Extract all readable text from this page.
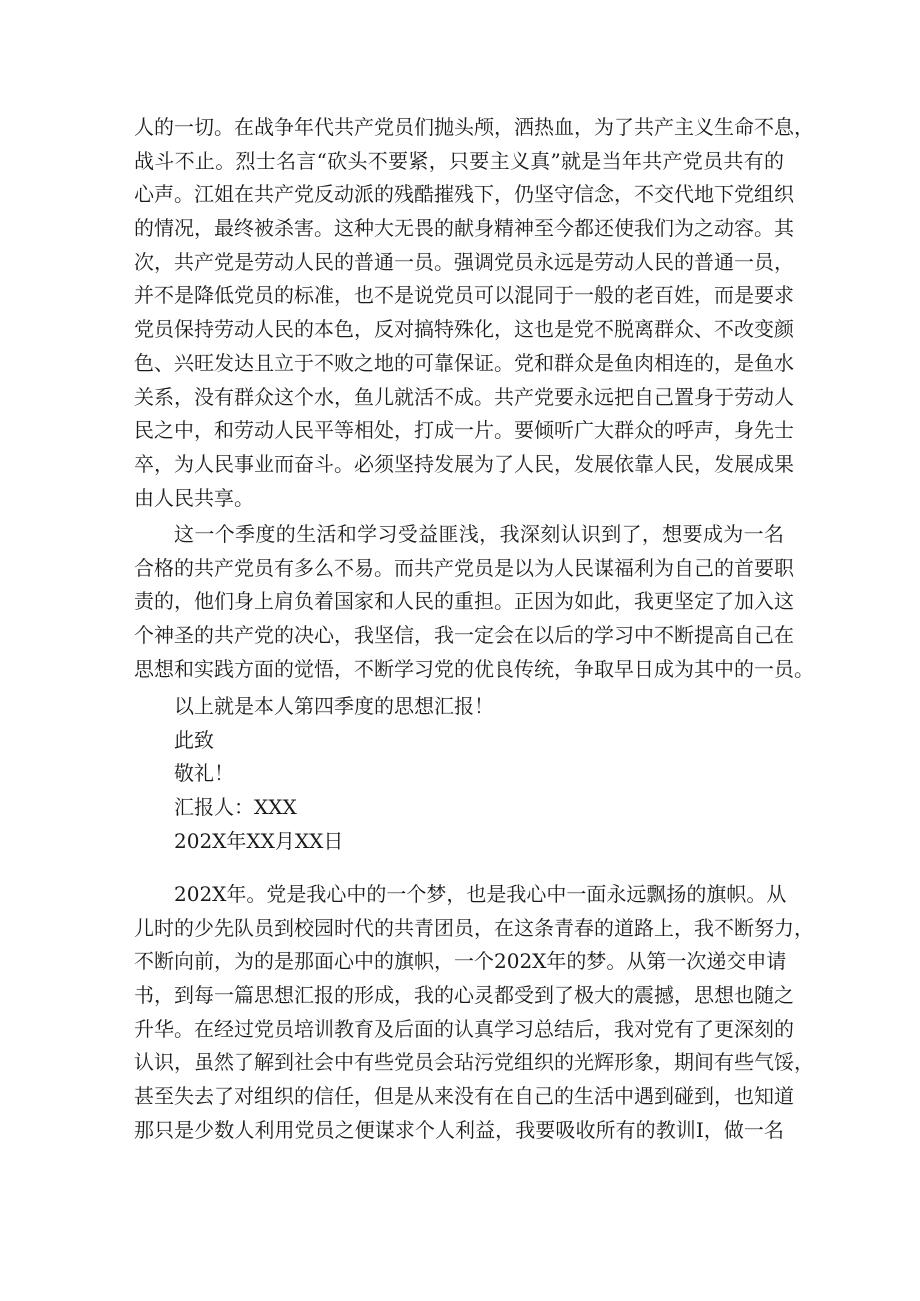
人的一切。在战争年代共产党员们抛头颅，洒热血，为了共产主义生命不息，
战斗不止。烈士名言“砍头不要紧，只要主义真”就是当年共产党员共有的
心声。江姐在共产党反动派的残酷摧残下，仍坚守信念，不交代地下党组织
的情况，最终被杀害。这种大无畏的献身精神至今都还使我们为之动容。其
次，共产党是劳动人民的普通一员。强调党员永远是劳动人民的普通一员，
并不是降低党员的标准，也不是说党员可以混同于一般的老百姓，而是要求
党员保持劳动人民的本色，反对搞特殊化，这也是党不脱离群众、不改变颜
色、兴旺发达且立于不败之地的可靠保证。党和群众是鱼肉相连的，是鱼水
关系，没有群众这个水，鱼儿就活不成。共产党要永远把自己置身于劳动人
民之中，和劳动人民平等相处，打成一片。要倾听广大群众的呼声，身先士
卒，为人民事业而奋斗。必须坚持发展为了人民，发展依靠人民，发展成果
由人民共享。
这一个季度的生活和学习受益匪浅，我深刻认识到了，想要成为一名
合格的共产党员有多么不易。而共产党员是以为人民谋福利为自己的首要职
责的，他们身上肩负着国家和人民的重担。正因为如此，我更坚定了加入这
个神圣的共产党的决心，我坚信，我一定会在以后的学习中不断提高自己在
思想和实践方面的觉悟，不断学习党的优良传统，争取早日成为其中的一员。
以上就是本人第四季度的思想汇报！
此致
敬礼！
汇报人：XXX
202X年XX月XX日
202X年。党是我心中的一个梦，也是我心中一面永远飘扬的旗帜。从
儿时的少先队员到校园时代的共青团员，在这条青春的道路上，我不断努力，
不断向前，为的是那面心中的旗帜，一个202X年的梦。从第一次递交申请
书，到每一篇思想汇报的形成，我的心灵都受到了极大的震撼，思想也随之
升华。在经过党员培训教育及后面的认真学习总结后，我对党有了更深刻的
认识，虽然了解到社会中有些党员会玷污党组织的光辉形象，期间有些气馁，
甚至失去了对组织的信任，但是从来没有在自己的生活中遇到碰到，也知道
那只是少数人利用党员之便谋求个人利益，我要吸收所有的教训I，做一名
